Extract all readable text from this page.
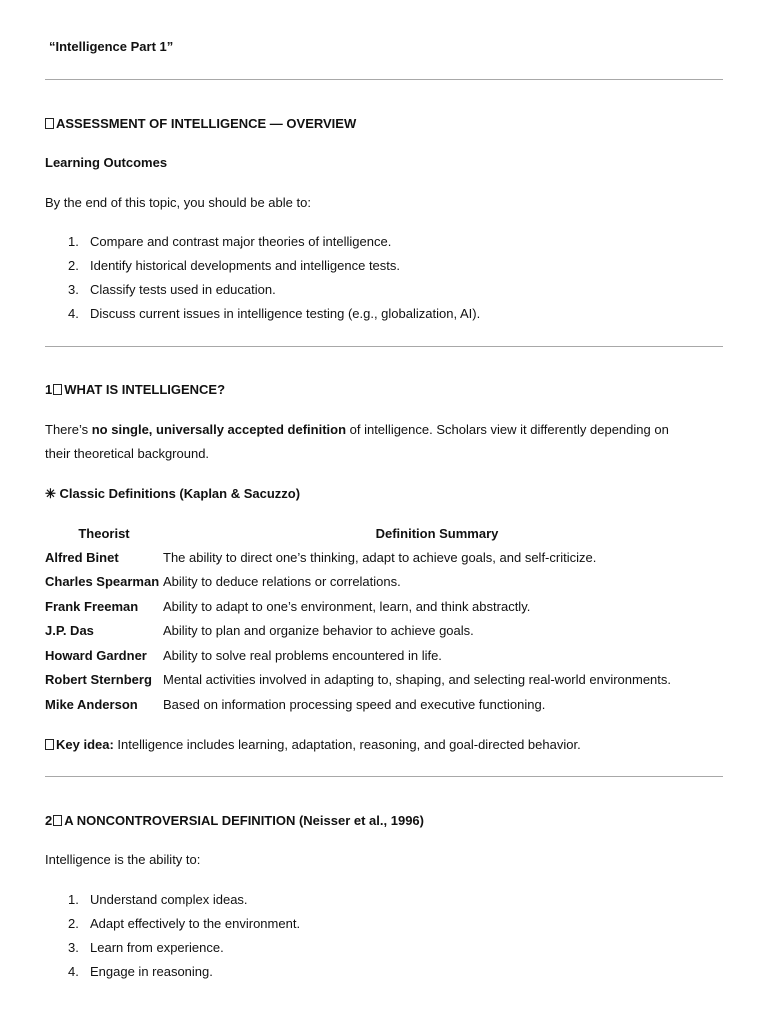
“Intelligence Part 1”
ASSESSMENT OF INTELLIGENCE — OVERVIEW
Learning Outcomes
By the end of this topic, you should be able to:
1. Compare and contrast major theories of intelligence.
2. Identify historical developments and intelligence tests.
3. Classify tests used in education.
4. Discuss current issues in intelligence testing (e.g., globalization, AI).
1 WHAT IS INTELLIGENCE?
There’s no single, universally accepted definition of intelligence. Scholars view it differently depending on
their theoretical background.
✳ Classic Definitions (Kaplan & Sacuzzo)
Theorist	Definition Summary
Alfred Binet	The ability to direct one’s thinking, adapt to achieve goals, and self-criticize.
Charles Spearman	Ability to deduce relations or correlations.
Frank Freeman	Ability to adapt to one’s environment, learn, and think abstractly.
J.P. Das	Ability to plan and organize behavior to achieve goals.
Howard Gardner	Ability to solve real problems encountered in life.
Robert Sternberg	Mental activities involved in adapting to, shaping, and selecting real-world environments.
Mike Anderson	Based on information processing speed and executive functioning.
Key idea: Intelligence includes learning, adaptation, reasoning, and goal-directed behavior.
2 A NONCONTROVERSIAL DEFINITION (Neisser et al., 1996)
Intelligence is the ability to:
1. Understand complex ideas.
2. Adapt effectively to the environment.
3. Learn from experience.
4. Engage in reasoning.
